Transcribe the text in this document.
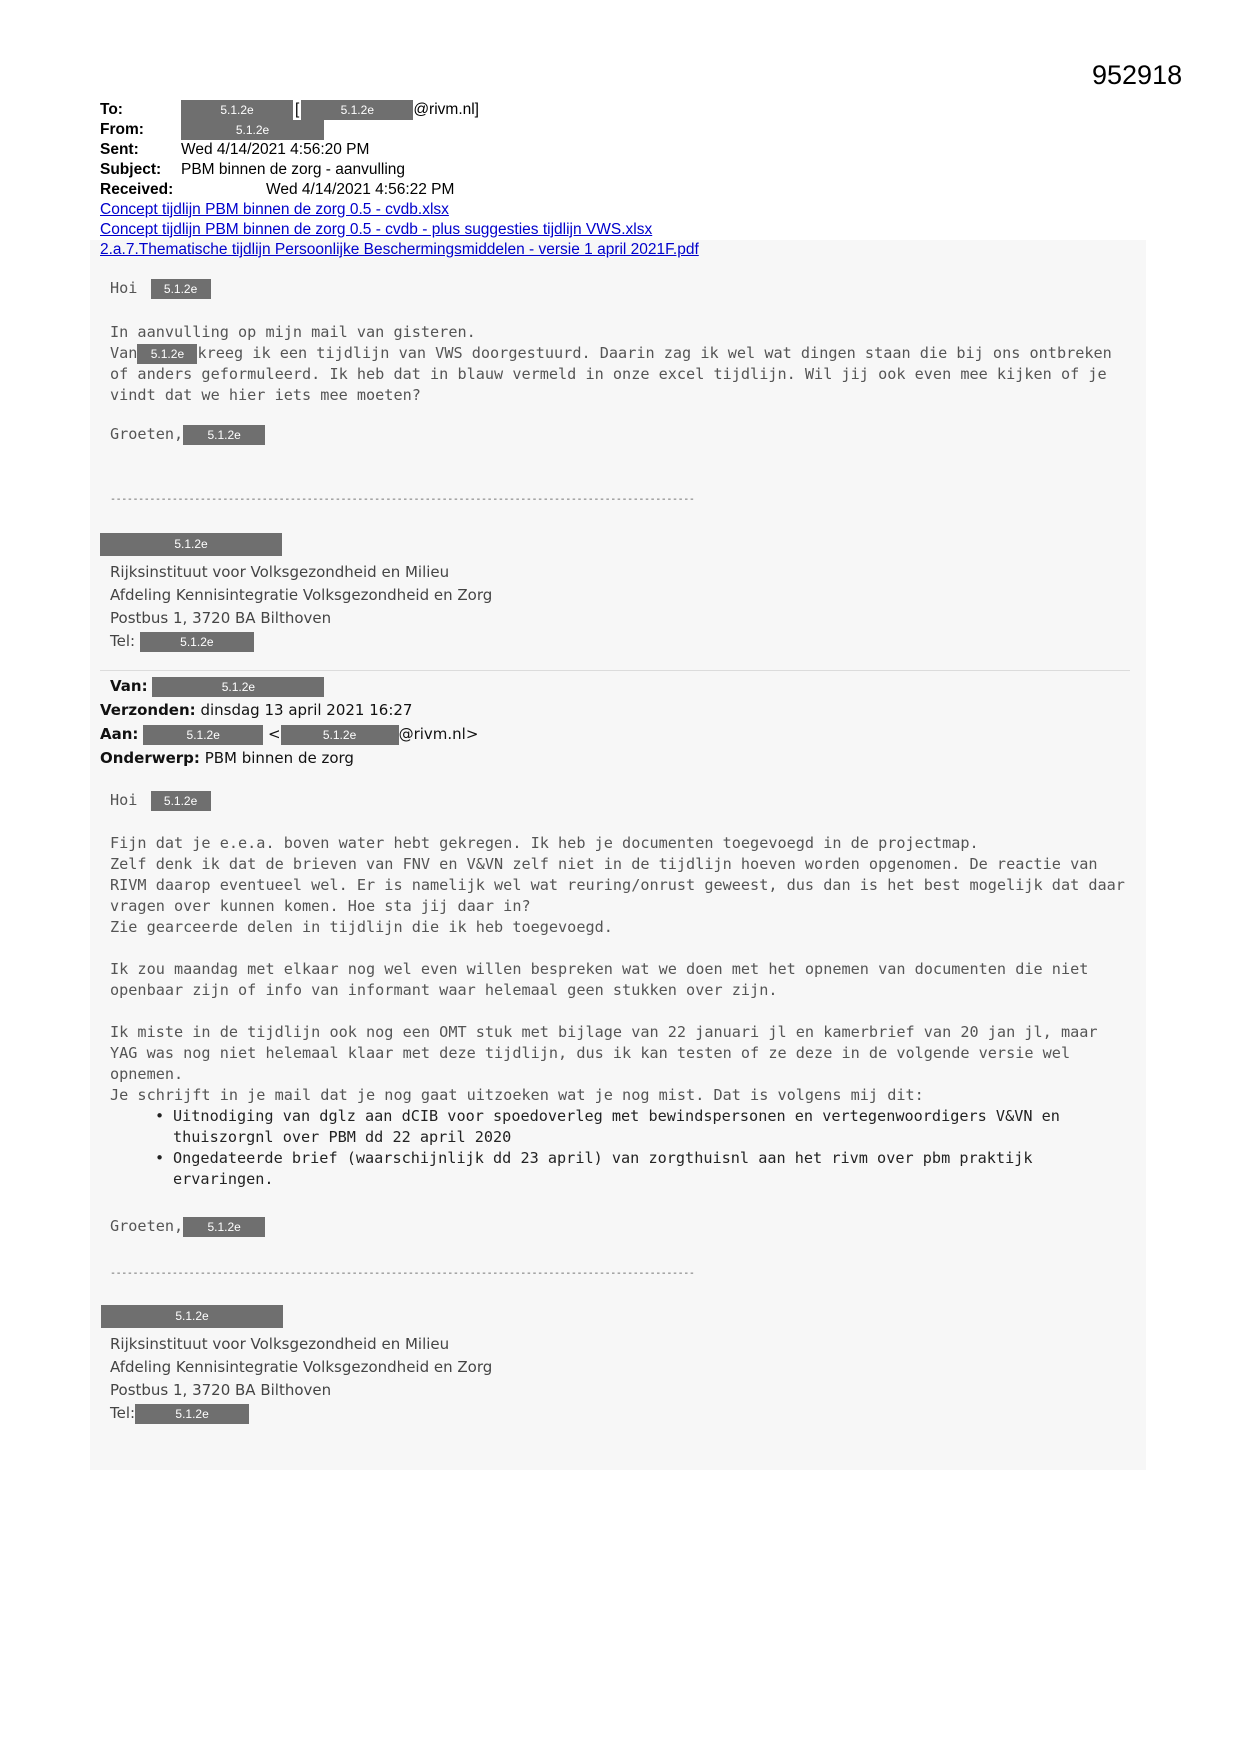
952918
To:	5.1.2e	[	5.1.2e	@rivm.nl]
From:	5.1.2e
Sent:	Wed 4/14/2021 4:56:20 PM
Subject: PBM binnen de zorg - aanvulling
Received:	Wed 4/14/2021 4:56:22 PM
Concept tijdlijn PBM binnen de zorg 0.5 - cvdb.xlsx
Concept tijdlijn PBM binnen de zorg 0.5 - cvdb - plus suggesties tijdlijn VWS.xlsx
2.a.7.Thematische tijdlijn Persoonlijke Beschermingsmiddelen - versie 1 april 2021F.pdf
Hoi 5.1.2e

In aanvulling op mijn mail van gisteren.

Van 5.1.2e kreeg ik een tijdlijn van VWS doorgestuurd. Daarin zag ik wel wat dingen staan die bij ons ontbreken of anders geformuleerd. Ik heb dat in blauw vermeld in onze excel tijdlijn. Wil jij ook even mee kijken of je vindt dat we hier iets mee moeten?

Groeten, 5.1.2e
--------------------------------------------------------------------------------------------------------
5.1.2e
Rijksinstituut voor Volksgezondheid en Milieu
Afdeling Kennisintegratie Volksgezondheid en Zorg
Postbus 1, 3720 BA Bilthoven
Tel:	5.1.2e
Van:	5.1.2e
Verzonden: dinsdag 13 april 2021 16:27
Aan:	5.1.2e	<	5.1.2e	@rivm.nl>
Onderwerp: PBM binnen de zorg
Hoi 5.1.2e

Fijn dat je e.e.a. boven water hebt gekregen. Ik heb je documenten toegevoegd in de projectmap.

Zelf denk ik dat de brieven van FNV en V&VN zelf niet in de tijdlijn hoeven worden opgenomen. De reactie van RIVM daarop eventueel wel. Er is namelijk wel wat reuring/onrust geweest, dus dan is het best mogelijk dat daar vragen over kunnen komen. Hoe sta jij daar in?

Zie gearceerde delen in tijdlijn die ik heb toegevoegd.

Ik zou maandag met elkaar nog wel even willen bespreken wat we doen met het opnemen van documenten die niet openbaar zijn of info van informant waar helemaal geen stukken over zijn.
Ik miste in de tijdlijn ook nog een OMT stuk met bijlage van 22 januari jl en kamerbrief van 20 jan jl, maar YAG was nog niet helemaal klaar met deze tijdlijn, dus ik kan testen of ze deze in de volgende versie wel opnemen.

Je schrijft in je mail dat je nog gaat uitzoeken wat je nog mist. Dat is volgens mij dit:

• Uitnodiging van dglz aan dCIB voor spoedoverleg met bewindspersonen en vertegenwoordigers V&VN en thuiszorgnl over PBM dd 22 april 2020
• Ongedateerde brief (waarschijnlijk dd 23 april) van zorgthuisnl aan het rivm over pbm praktijk ervaringen.
Groeten, 5.1.2e
--------------------------------------------------------------------------------------------------------
5.1.2e
Rijksinstituut voor Volksgezondheid en Milieu
Afdeling Kennisintegratie Volksgezondheid en Zorg
Postbus 1, 3720 BA Bilthoven
Tel:	5.1.2e
